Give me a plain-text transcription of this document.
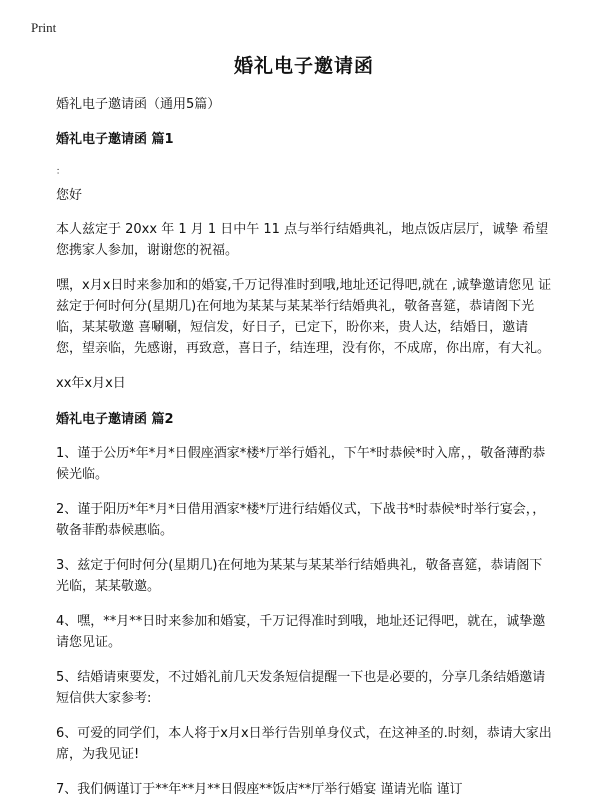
Print
婚礼电子邀请函
婚礼电子邀请函（通用5篇）
婚礼电子邀请函 篇1
：
您好
本人兹定于 20xx 年 1 月 1 日中午 11 点与举行结婚典礼，地点饭店层厅，诚挚 希望您携家人参加，谢谢您的祝福。
嘿，x月x日时来参加和的婚宴,千万记得准时到哦,地址还记得吧,就在 ,诚挚邀请您见 证 兹定于何时何分(星期几)在何地为某某与某某举行结婚典礼，敬备喜筵，恭请阁下光临，某某敬邀 喜唰唰，短信发，好日子，已定下，盼你来，贵人达，结婚日，邀请您，望亲临，先感谢，再致意，喜日子，结连理，没有你，不成席，你出席，有大礼。
xx年x月x日
婚礼电子邀请函 篇2
1、谨于公历*年*月*日假座酒家*楼*厅举行婚礼，下午*时恭候*时入席，，敬备薄酌恭候光临。
2、谨于阳历*年*月*日借用酒家*楼*厅进行结婚仪式，下战书*时恭候*时举行宴会，，敬备菲酌恭候惠临。
3、兹定于何时何分(星期几)在何地为某某与某某举行结婚典礼，敬备喜筵，恭请阁下光临，某某敬邀。
4、嘿，**月**日时来参加和婚宴，千万记得准时到哦，地址还记得吧，就在，诚挚邀请您见证。
5、结婚请柬要发，不过婚礼前几天发条短信提醒一下也是必要的，分享几条结婚邀请短信供大家参考:
6、可爱的同学们，本人将于x月x日举行告别单身仪式，在这神圣的.时刻，恭请大家出席，为我见证!
7、我们俩谨订于**年**月**日假座**饭店**厅举行婚宴 谨请光临 谨订
